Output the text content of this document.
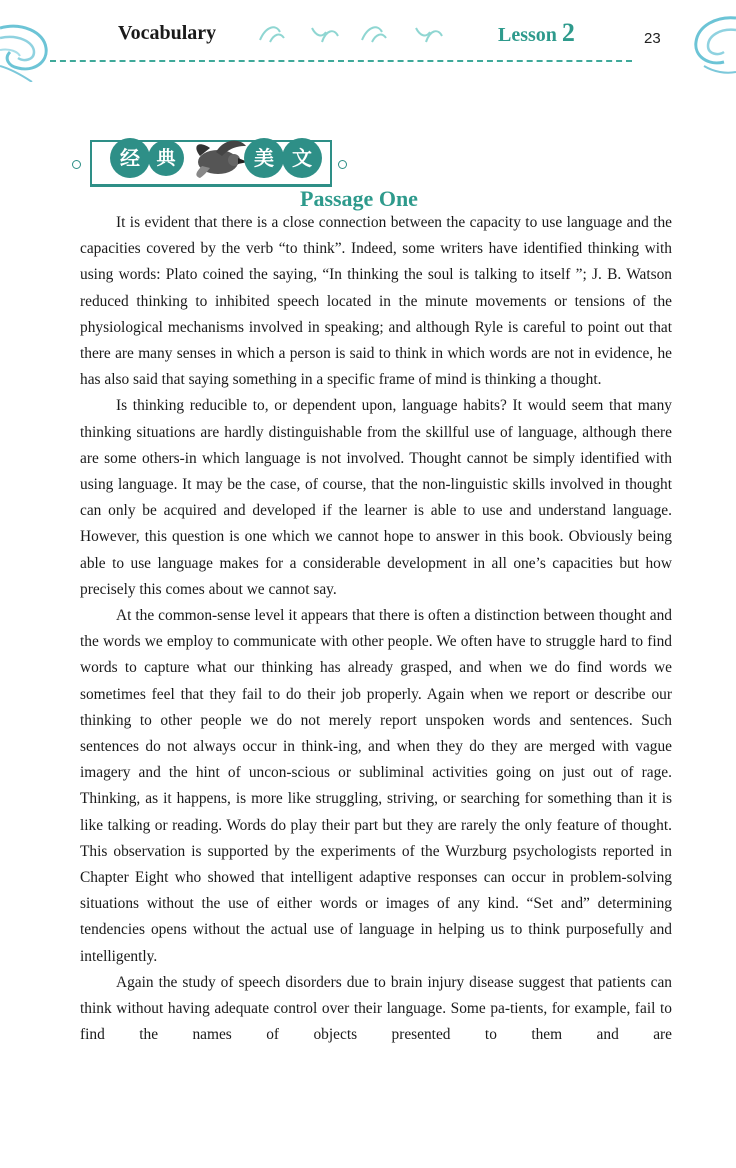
Vocabulary	Lesson 2	23
经 典	美 文
Passage One

It is evident that there is a close connection between the capacity to use language and the capacities covered by the verb “to think”. Indeed, some writers have identified thinking with using words: Plato coined the saying, “In thinking the soul is talking to itself ”; J. B. Watson reduced thinking to inhibited speech located in the minute movements or tensions of the physiological mechanisms involved in speaking; and although Ryle is careful to point out that there are many senses in which a person is said to think in which words are not in evidence, he has also said that saying something in a specific frame of mind is thinking a thought.

Is thinking reducible to, or dependent upon, language habits? It would seem that many thinking situations are hardly distinguishable from the skillful use of language, although there are some others-in which language is not involved. Thought cannot be simply identified with using language. It may be the case, of course, that the non-linguistic skills involved in thought can only be acquired and developed if the learner is able to use and understand language. However, this question is one which we cannot hope to answer in this book. Obviously being able to use language makes for a considerable development in all one’s capacities but how precisely this comes about we cannot say.

At the common-sense level it appears that there is often a distinction between thought and the words we employ to communicate with other people. We often have to struggle hard to find words to capture what our thinking has already grasped, and when we do find words we sometimes feel that they fail to do their job properly. Again when we report or describe our thinking to other people we do not merely report unspoken words and sentences. Such sentences do not always occur in think-ing, and when they do they are merged with vague imagery and the hint of uncon-scious or subliminal activities going on just out of rage. Thinking, as it happens, is more like struggling, striving, or searching for something than it is like talking or reading. Words do play their part but they are rarely the only feature of thought. This observation is supported by the experiments of the Wurzburg psychologists reported in Chapter Eight who showed that intelligent adaptive responses can occur in problem-solving situations without the use of either words or images of any kind. “Set and” determining tendencies opens without the actual use of language in helping us to think purposefully and intelligently.

Again the study of speech disorders due to brain injury disease suggest that patients can think without having adequate control over their language. Some pa-tients, for example, fail to find the names of objects presented to them and are
